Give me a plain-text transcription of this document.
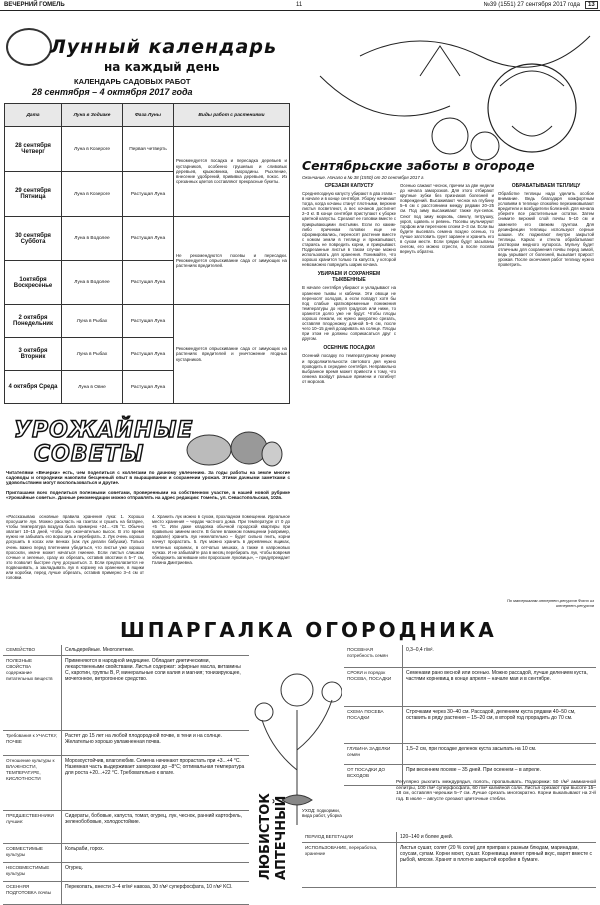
ВЕЧЕРНИЙ ГОМЕЛЬ	11	13
№39 (1551) 27 сентября 2017 года
Лунный календарь
на каждый день
КАЛЕНДАРЬ САДОВЫХ РАБОТ
28 сентября – 4 октября 2017 года
Дата	Луна в Зодиаке	Фаза Луны	Виды работ с растениями
28 сентября Четверг	Луна в Козероге	Первая четверть	Рекомендуется посадка и пересадка деревьев и кустарников, особенно грушевых и сливовых деревьев, крыжовника, смородины. Рыхление, внесение удобрений, прививка деревьев, покос. Из срезанных цветов составляют прекрасные букеты.
29 сентября Пятница	Луна в Козероге	Растущая Луна	
30 сентября Суббота	Луна в Водолее	Растущая Луна	Не рекомендуются посевы и пересадки. Рекомендуется опрыскивание сада от зимующих на растениях вредителей.
1октября Воскресенье	Луна в Водолее	Растущая Луна	
2 октября Понедельник	Луна в Рыбах	Растущая Луна	Рекомендуется опрыскивание сада от зимующих на растениях вредителей и уничтожение ягодных кустарников.
3 октября Вторник	Луна в Рыбах	Растущая Луна	
4 октября Среда	Луна в Овне	Растущая Луна	
УРОЖАЙНЫЕ
СОВЕТЫ
Читателями «Вечерки» есть, чем поделиться с коллегами по дачному увлечению. За годы работы на земле многие садоводы и огородники накопили бесценный опыт в выращивании и сохранении урожая. Этими дачными заметками с удовольствием могут воспользоваться и другие.
Приглашаем всех поделиться полезными советами, проверенными на собственном участке, в нашей новой рубрике «Урожайные советы». Дачные рекомендации можно отправлять на адрес редакции: Гомель, ул. Севастопольская, 102в.
«Рассказываю основные правила хранения лука: 1. Хорошо просушите лук. Можно раскласть на газетах и сушить на батарее, чтобы температура воздуха была примерно +24…+26 °С. Обычно хватает 10–15 дней, чтобы лук окончательно высох. В это время нужно не забывать его ворошить и перебирать. 2. Лук очень хорошо досушить в косах или венках (как лук делали бабушки). Только очень важно перед плетением убедиться, что листья уже хорошо просохли, иначе может начаться гниение. Если листья слишком сочные и зеленые, сразу их обрезать, оставив хвостики в 5–7 см, это позволит быстрее лучу досушиться. 3. Если предполагается не подвешивать, а закладывать лук в корзину на хранение, в ящики или коробки, перед лучше обрезать, оставив примерно 3–4 см от головки.
4. Хранить лук можно в сухом, прохладном помещении. Идеальное место хранения – чердак частного дома. При температуре от 0 до +5 °С. Или даже кладовка обычной городской квартиры при правильно зимнем месте. В более влажном помещении (например, подвале) хранить лук нежелательно – будет сильно гнить, корни начнут прорастать. 5. Лук можно хранить в деревянных ящиках, плетеных корзинах, в сетчатых мешках, а также в капроновых чулках. И не забывайте раз в месяц перебирать лук, чтобы вовремя обнаружить загнившие или проросшие луковицы», – предупреждает Галина Дмитриевна.
Сентябрьские заботы в огороде
Окончание. Начало в № 38 (1550) от 20 сентября 2017 г.
СРЕЗАЕМ КАПУСТУ
Среднепоздную капусту убирают в два этапа – в начале и в конце сентября. Уборку начинают тогда, когда кочаны станут плотными, верхние листья посветлеют, а вес кочанов достигнет 2–3 кг. В конце сентября приступают к уборке цветной капусты. Срезают ее головки вместе с прикрывающими листьями. Если по каким-либо причинам головки еще не сформировались, переносят растение вместе с комом земли в теплицу и прикапывают, стараясь не повредить корни, и прикрывают. Подрезанные листья в таком случае можно использовать для хранения. Понимайте, что хорошо хранится только та капуста, у которой невозможно повредить шарик кочана.
УБИРАЕМ И СОХРАНЯЕМ ТЫКВЕННЫЕ
В начале сентября убирают и укладывают на хранение тыквы и кабачки. Эти овощи не переносят холодов, а если попадут хотя бы под слабые кратковременные понижения температуры до нуля градусов или ниже, то хранится долго уже не будут. Чтобы плоды хорошо лежали, их нужно аккуратно срезать, оставляя плодоножку длиной 5–6 см, после чего 10–15 дней дозаривать на солнце. Плоды при этом не должны соприкасаться друг с другом.
ОСЕННИЕ ПОСАДКИ
Осенний посадку по температурному режиму и продолжительности светового дня нужно проводить в середине сентября. Неправильно выбранное время может привести к тому, что семена взойдут раньше времени и погибнут от морозов.
Осенью сажают чеснок, причем за две недели до начала заморозков. Для этого отбирают крупные зубки без признаков болезней и повреждений. Высаживают чеснок на глубину 5–6 см с расстоянием между рядами 20–25 см. Под зиму высаживают также лук-севок. Сеют под зиму морковь, свеклу, петрушку, укроп, щавель и ревень. Посевы мульчируют торфом или перегноем слоем 2–3 см. Если вы будете высевать семена поздно осенью, то лучше заготовить грунт заранее и хранить его в сухом месте. Если грядки будут засыпаны снегом, его можно сгрести, а после посева вернуть обратно.
ОБРАБАТЫВАЕМ ТЕПЛИЦУ
Обработке теплицы надо уделить особое внимание. Ведь благодаря комфортным условиям в теплице спокойно перезимовывают вредители и возбудители болезней. Для начала уберите все растительные остатки. Затем снимите верхний слой почвы 5–10 см и замените его свежим грунтом. Для дезинфекции теплицы используют серные шашки. Их поджигают внутри закрытой теплицы. Каркас и стекла обрабатывают раствором медного купороса. Мульчу будет отличным для сохранения почвы перед зимой, ведь укрывает от болезней, вызывает прирост урожая. После окончания работ теплицу нужно проветрить.
По материалам интернет-ресурсов Фото из интернет-ресурсов
ШПАРГАЛКА ОГОРОДНИКА
СЕМЕЙСТВО	Сельдерейные. Многолетние.
ПОЛЕЗНЫЕ СВОЙСТВА содержание питательных веществ	Применяются в народной медицине. Обладает диетическими, лекарственными свойствами. Листья содержат: эфирные масла, витамины С, каротин, группы В, Р, минеральные соли калия и магния; тонизирующее, мочегонное, ветрогонное средство.
Требования к УЧАСТКУ, ПОЧВЕ	Растет до 15 лет на любой плодородной почве, в тени и на солнце. Желательно хорошо увлажненная почва.
Отношение культуры к ВЛАЖНОСТИ, ТЕМПЕРАТУРЕ, КИСЛОТНОСТИ	Морозоустойчив, влаголюбив. Семена начинают прорастать при +3...+4 °С. Наземная часть выдерживает заморозки до –8°С; оптимальная температура для роста +20...+22 °С. Требовательно к влаге.
ПРЕДШЕСТВЕННИКИ лучшие:	Сидераты, бобовые, капуста, томат, огурец, лук, чеснок, ранний картофель, зеленобобовые, холодостойкие.
СОВМЕСТИМЫЕ культуры	Кольраби, горох.
НЕСОВМЕСТИМЫЕ культуры	Огурец.
ОСЕННЯЯ ПОДГОТОВКА почвы	Перекопать, внести 3–4 кг/м² навоза, 30 г/м² суперфосфата, 10 г/м² KCl.
ЛЮБИСТОК АПТЕЧНЫЙ
ПОСЕВНАЯ потребность семян	0,3–0,4 г/м².
СРОКИ и порядок ПОСЕВА, ПОСАДКИ	Семенами рано весной или осенью. Можно рассадой, лучше делением куста, частями корневищ в конце апреля – начале мая и в сентябре.
СХЕМА ПОСЕВА ПОСАДКИ	Строчками через 30–40 см. Рассадой, делением куста рядами 40–50 см, оставить в ряду растения – 15–20 см, в второй год прорадить до 70 см.
ГЛУБИНА ЗАДЕЛКИ семян	1,5–2 см, при посадке деленок куста засыпать на 10 см.
ОТ ПОСАДКИ ДО ВСХОДОВ	При весеннем посеве – 35 дней. При осеннем – в апреле.
УХОД: подкормки, вида работ, уборка
Регулярно рыхлить междурядья, полоть, пропалывать. Подкормки: 50 г/м² аммиачной селитры, 100 г/м² суперфосфата, 60 г/м² калийной соли. Листья срезают при высоте 15–18 см, оставляя черешки 5–7 см. Лучше срезать многократно. Корни выкапывают на 2-й год. В июле – августе срезают цветочные стебли.
ПЕРИОД ВЕГЕТАЦИИ	120–140 и более дней.
ИСПОЛЬЗОВАНИЕ, переработка, хранение	Листья сушат, солят (20 % соли) для приправ к разным блюдам, маринадам, соусам, супам. Корни моют, сушат. Корневища имеют пряный вкус, варят вместе с рыбой, мясом. Хранят в плотно закрытой коробке в бумаге.
